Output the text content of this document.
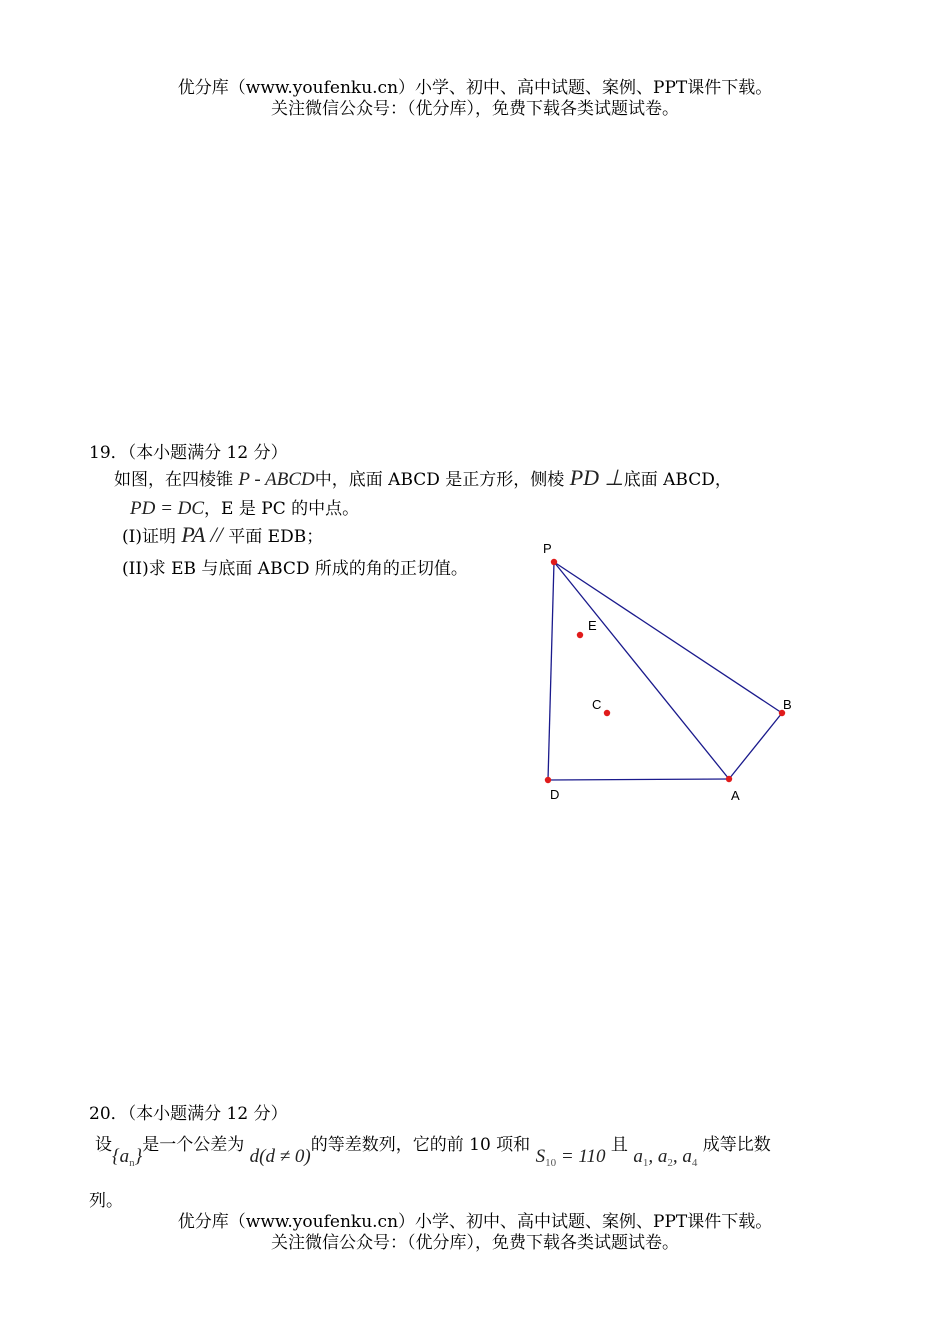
优分库（www.youfenku.cn）小学、初中、高中试题、案例、PPT课件下载。
关注微信公众号：（优分库），免费下载各类试题试卷。
19．（本小题满分 12 分）
如图，在四棱锥 P - ABCD中，底面 ABCD 是正方形，侧棱 PD ⊥底面 ABCD，
PD = DC，E 是 PC 的中点。
(I)证明 PA // 平面 EDB；
(II)求 EB 与底面 ABCD 所成的角的正切值。
P
E
C	B
D	A
20．（本小题满分 12 分）
设$\{a_n\}$是一个公差为 d(d ≠ 0)的等差数列，它的前 10 项和 $S_{10} = 110$ 且 $a_1$, $a_2$, $a_4$ 成等比数
列。
优分库（www.youfenku.cn）小学、初中、高中试题、案例、PPT课件下载。
关注微信公众号：（优分库），免费下载各类试题试卷。
